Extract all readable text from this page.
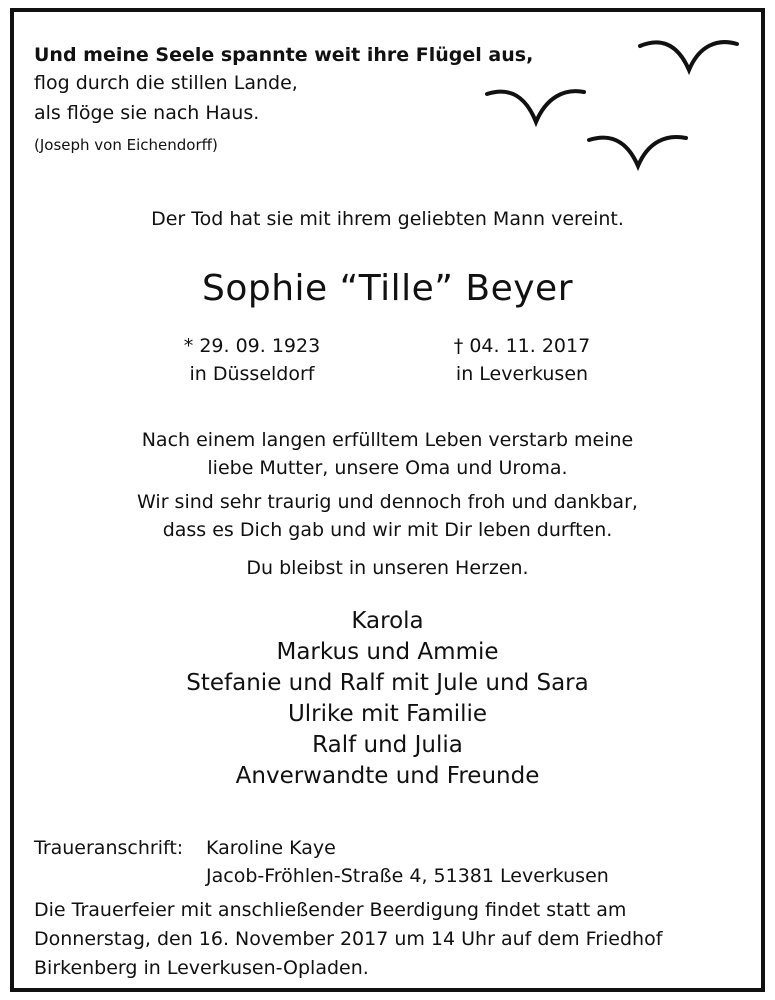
Und meine Seele spannte weit ihre Flügel aus,
flog durch die stillen Lande,
als flöge sie nach Haus.
(Joseph von Eichendorff)
Der Tod hat sie mit ihrem geliebten Mann vereint.
Sophie “Tille” Beyer
* 29. 09. 1923
in Düsseldorf
† 04. 11. 2017
in Leverkusen
Nach einem langen erfülltem Leben verstarb meine
liebe Mutter, unsere Oma und Uroma.
Wir sind sehr traurig und dennoch froh und dankbar,
dass es Dich gab und wir mit Dir leben durften.
Du bleibst in unseren Herzen.
Karola
Markus und Ammie
Stefanie und Ralf mit Jule und Sara
Ulrike mit Familie
Ralf und Julia
Anverwandte und Freunde
Traueranschrift: Karoline Kaye
Jacob-Fröhlen-Straße 4, 51381 Leverkusen
Die Trauerfeier mit anschließender Beerdigung findet statt am
Donnerstag, den 16. November 2017 um 14 Uhr auf dem Friedhof
Birkenberg in Leverkusen-Opladen.
